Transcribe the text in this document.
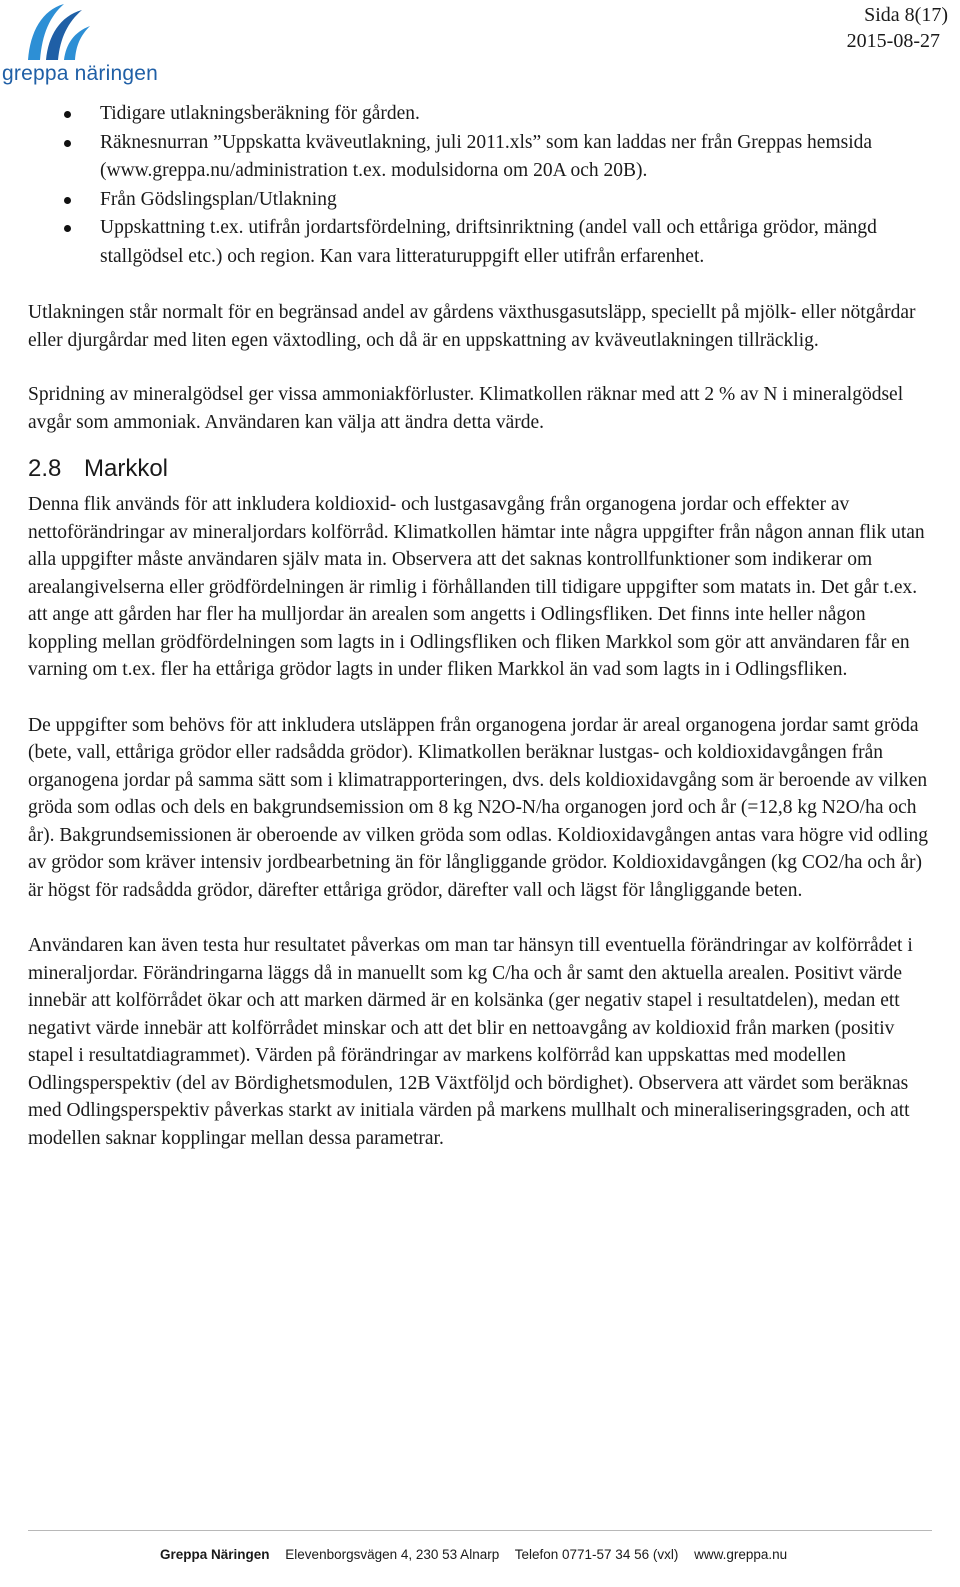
greppa näringen
Sida 8(17)
2015-08-27
Tidigare utlakningsberäkning för gården.
Räknesnurran ”Uppskatta kväveutlakning, juli 2011.xls” som kan laddas ner från Greppas hemsida (www.greppa.nu/administration t.ex. modulsidorna om 20A och 20B).
Från Gödslingsplan/Utlakning
Uppskattning t.ex. utifrån jordartsfördelning, driftsinriktning (andel vall och ettåriga grödor, mängd stallgödsel etc.) och region. Kan vara litteraturuppgift eller utifrån erfarenhet.

Utlakningen står normalt för en begränsad andel av gårdens växthusgasutsläpp, speciellt på mjölk- eller nötgårdar eller djurgårdar med liten egen växtodling, och då är en uppskattning av kväveutlakningen tillräcklig.

Spridning av mineralgödsel ger vissa ammoniakförluster. Klimatkollen räknar med att 2 % av N i mineralgödsel avgår som ammoniak. Användaren kan välja att ändra detta värde.

2.8 Markkol

Denna flik används för att inkludera koldioxid- och lustgasavgång från organogena jordar och effekter av nettoförändringar av mineraljordars kolförråd. Klimatkollen hämtar inte några uppgifter från någon annan flik utan alla uppgifter måste användaren själv mata in. Observera att det saknas kontrollfunktioner som indikerar om arealangivelserna eller grödfördelningen är rimlig i förhållanden till tidigare uppgifter som matats in. Det går t.ex. att ange att gården har fler ha mulljordar än arealen som angetts i Odlingsfliken. Det finns inte heller någon koppling mellan grödfördelningen som lagts in i Odlingsfliken och fliken Markkol som gör att användaren får en varning om t.ex. fler ha ettåriga grödor lagts in under fliken Markkol än vad som lagts in i Odlingsfliken.

De uppgifter som behövs för att inkludera utsläppen från organogena jordar är areal organogena jordar samt gröda (bete, vall, ettåriga grödor eller radsådda grödor). Klimatkollen beräknar lustgas- och koldioxidavgången från organogena jordar på samma sätt som i klimatrapporteringen, dvs. dels koldioxidavgång som är beroende av vilken gröda som odlas och dels en bakgrundsemission om 8 kg N2O-N/ha organogen jord och år (=12,8 kg N2O/ha och år). Bakgrundsemissionen är oberoende av vilken gröda som odlas. Koldioxidavgången antas vara högre vid odling av grödor som kräver intensiv jordbearbetning än för långliggande grödor. Koldioxidavgången (kg CO2/ha och år) är högst för radsådda grödor, därefter ettåriga grödor, därefter vall och lägst för långliggande beten.

Användaren kan även testa hur resultatet påverkas om man tar hänsyn till eventuella förändringar av kolförrådet i mineraljordar. Förändringarna läggs då in manuellt som kg C/ha och år samt den aktuella arealen. Positivt värde innebär att kolförrådet ökar och att marken därmed är en kolsänka (ger negativ stapel i resultatdelen), medan ett negativt värde innebär att kolförrådet minskar och att det blir en nettoavgång av koldioxid från marken (positiv stapel i resultatdiagrammet). Värden på förändringar av markens kolförråd kan uppskattas med modellen Odlingsperspektiv (del av Bördighetsmodulen, 12B Växtföljd och bördighet). Observera att värdet som beräknas med Odlingsperspektiv påverkas starkt av initiala värden på markens mullhalt och mineraliseringsgraden, och att modellen saknar kopplingar mellan dessa parametrar.

Greppa Näringen Elevenborgsvägen 4, 230 53 Alnarp Telefon 0771-57 34 56 (vxl) www.greppa.nu
